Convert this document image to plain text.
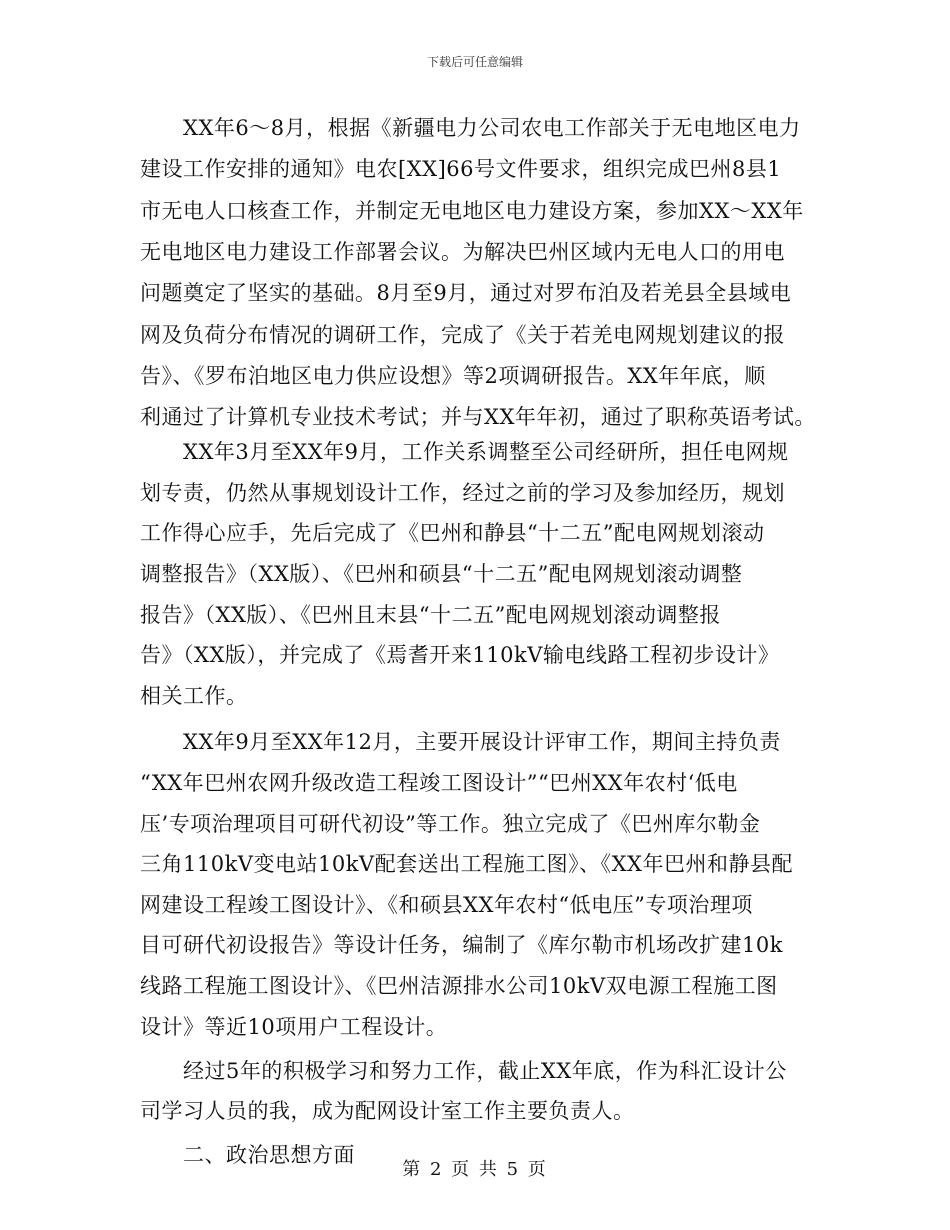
下载后可任意编辑
　　XX年6～8月，根据《新疆电力公司农电工作部关于无电地区电力
建设工作安排的通知》电农[XX]66号文件要求，组织完成巴州8县1
市无电人口核查工作，并制定无电地区电力建设方案，参加XX～XX年
无电地区电力建设工作部署会议。为解决巴州区域内无电人口的用电
问题奠定了坚实的基础。8月至9月，通过对罗布泊及若羌县全县域电
网及负荷分布情况的调研工作，完成了《关于若羌电网规划建议的报
告》、《罗布泊地区电力供应设想》等2项调研报告。XX年年底，顺
利通过了计算机专业技术考试；并与XX年年初，通过了职称英语考试。
　　XX年3月至XX年9月，工作关系调整至公司经研所，担任电网规
划专责，仍然从事规划设计工作，经过之前的学习及参加经历，规划
工作得心应手，先后完成了《巴州和静县“十二五”配电网规划滚动
调整报告》（XX版）、《巴州和硕县“十二五”配电网规划滚动调整
报告》（XX版）、《巴州且末县“十二五”配电网规划滚动调整报
告》（XX版），并完成了《焉耆开来110kV输电线路工程初步设计》
相关工作。
　　XX年9月至XX年12月，主要开展设计评审工作，期间主持负责
“XX年巴州农网升级改造工程竣工图设计”“巴州XX年农村‘低电
压’专项治理项目可研代初设”等工作。独立完成了《巴州库尔勒金
三角110kV变电站10kV配套送出工程施工图》、《XX年巴州和静县配
网建设工程竣工图设计》、《和硕县XX年农村“低电压”专项治理项
目可研代初设报告》等设计任务，编制了《库尔勒市机场改扩建10k
线路工程施工图设计》、《巴州洁源排水公司10kV双电源工程施工图
设计》等近10项用户工程设计。
　　经过5年的积极学习和努力工作，截止XX年底，作为科汇设计公
司学习人员的我，成为配网设计室工作主要负责人。
　　二、政治思想方面
第 2 页 共 5 页
